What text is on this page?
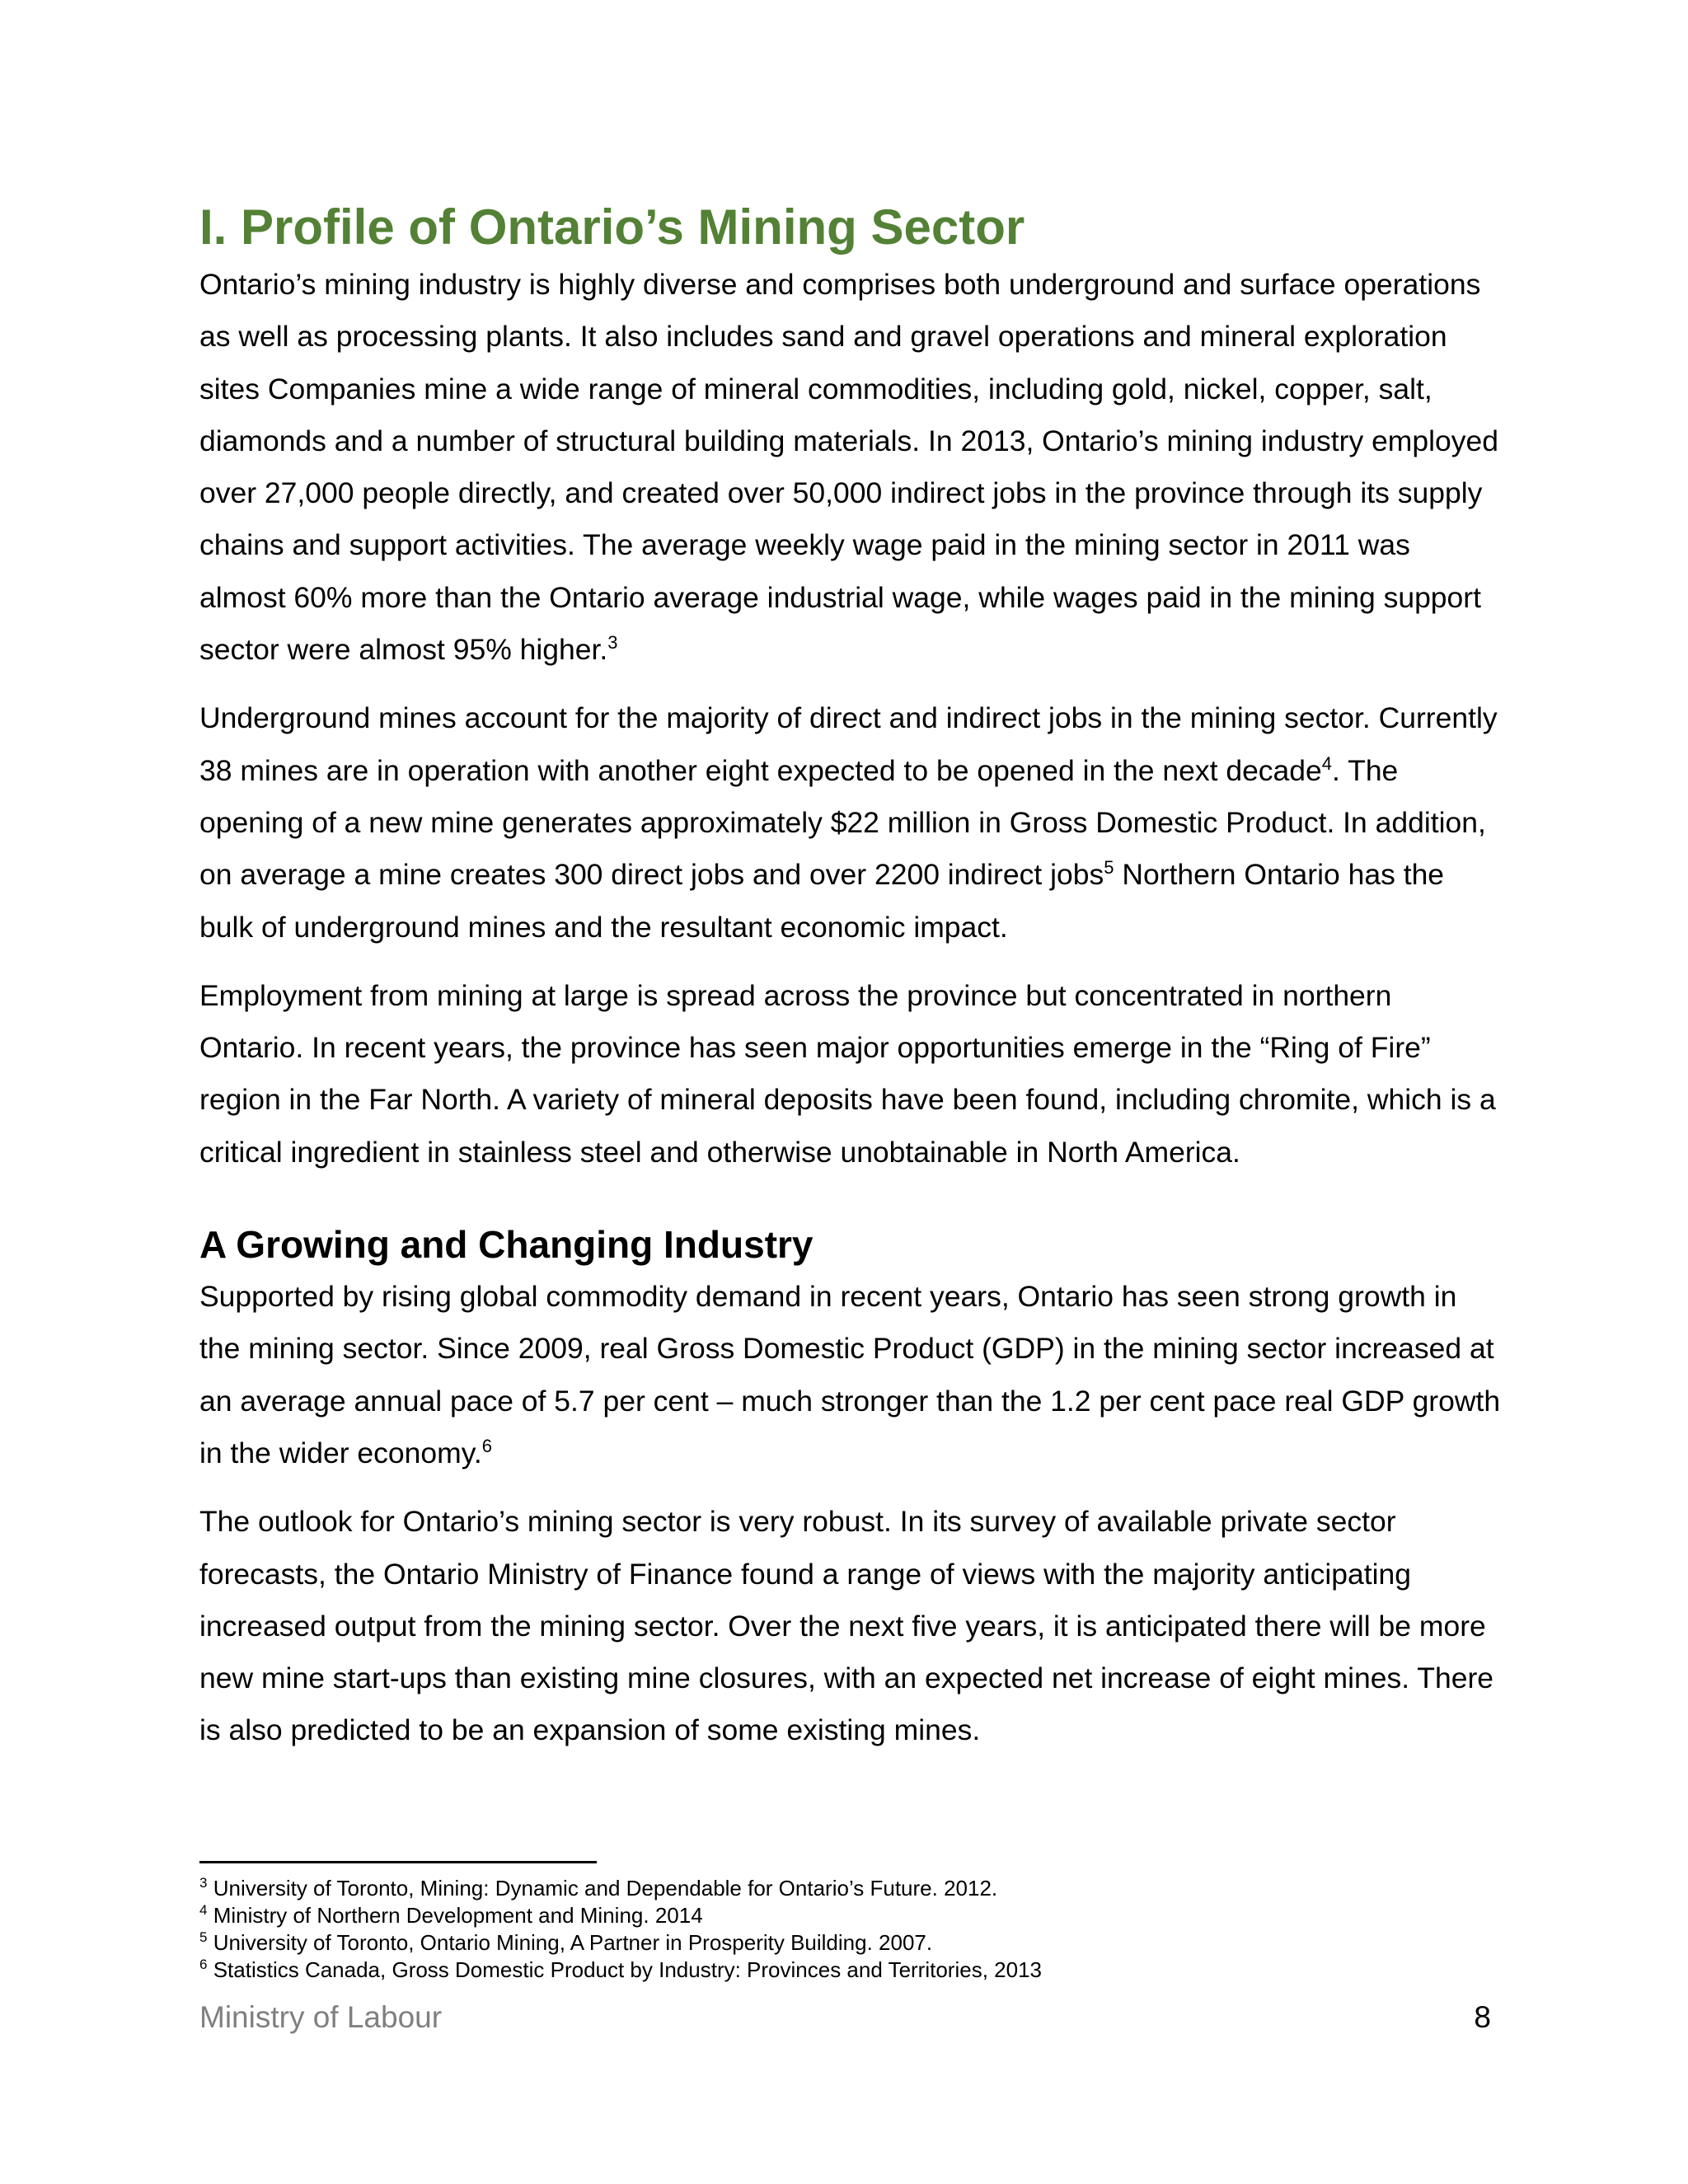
I. Profile of Ontario’s Mining Sector

Ontario’s mining industry is highly diverse and comprises both underground and surface operations as well as processing plants. It also includes sand and gravel operations and mineral exploration sites Companies mine a wide range of mineral commodities, including gold, nickel, copper, salt, diamonds and a number of structural building materials. In 2013, Ontario’s mining industry employed over 27,000 people directly, and created over 50,000 indirect jobs in the province through its supply chains and support activities. The average weekly wage paid in the mining sector in 2011 was almost 60% more than the Ontario average industrial wage, while wages paid in the mining support sector were almost 95% higher.$^3$

Underground mines account for the majority of direct and indirect jobs in the mining sector. Currently 38 mines are in operation with another eight expected to be opened in the next decade$^4$. The opening of a new mine generates approximately $22 million in Gross Domestic Product. In addition, on average a mine creates 300 direct jobs and over 2200 indirect jobs$^5$ Northern Ontario has the bulk of underground mines and the resultant economic impact.

Employment from mining at large is spread across the province but concentrated in northern Ontario. In recent years, the province has seen major opportunities emerge in the “Ring of Fire” region in the Far North. A variety of mineral deposits have been found, including chromite, which is a critical ingredient in stainless steel and otherwise unobtainable in North America.

A Growing and Changing Industry

Supported by rising global commodity demand in recent years, Ontario has seen strong growth in the mining sector. Since 2009, real Gross Domestic Product (GDP) in the mining sector increased at an average annual pace of 5.7 per cent – much stronger than the 1.2 per cent pace real GDP growth in the wider economy.$^6$

The outlook for Ontario’s mining sector is very robust. In its survey of available private sector forecasts, the Ontario Ministry of Finance found a range of views with the majority anticipating increased output from the mining sector. Over the next five years, it is anticipated there will be more new mine start-ups than existing mine closures, with an expected net increase of eight mines. There is also predicted to be an expansion of some existing mines.

$^3$ University of Toronto, Mining: Dynamic and Dependable for Ontario’s Future. 2012.
$^4$ Ministry of Northern Development and Mining. 2014
$^5$ University of Toronto, Ontario Mining, A Partner in Prosperity Building. 2007.
$^6$ Statistics Canada, Gross Domestic Product by Industry: Provinces and Territories, 2013
Ministry of Labour	8
